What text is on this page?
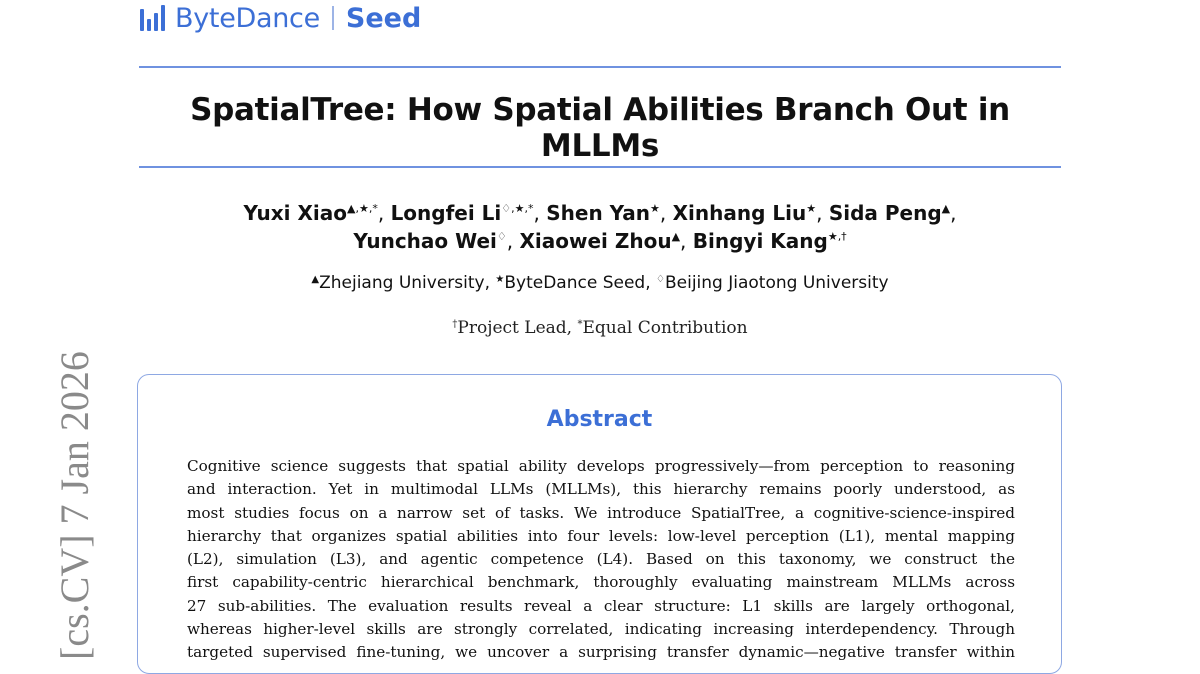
ByteDance Seed
SpatialTree: How Spatial Abilities Branch Out in MLLMs
Yuxi Xiao▲,★,*, Longfei Li♢,★,*, Shen Yan★, Xinhang Liu★, Sida Peng▲,
Yunchao Wei♢, Xiaowei Zhou▲, Bingyi Kang★,†
▲Zhejiang University, ★ByteDance Seed, ♢Beijing Jiaotong University
†Project Lead, *Equal Contribution
Abstract
Cognitive science suggests that spatial ability develops progressively—from perception to reasoning
and interaction. Yet in multimodal LLMs (MLLMs), this hierarchy remains poorly understood, as
most studies focus on a narrow set of tasks. We introduce SpatialTree, a cognitive-science-inspired
hierarchy that organizes spatial abilities into four levels: low-level perception (L1), mental mapping
(L2), simulation (L3), and agentic competence (L4). Based on this taxonomy, we construct the
first capability-centric hierarchical benchmark, thoroughly evaluating mainstream MLLMs across
27 sub-abilities. The evaluation results reveal a clear structure: L1 skills are largely orthogonal,
whereas higher-level skills are strongly correlated, indicating increasing interdependency. Through
targeted supervised fine-tuning, we uncover a surprising transfer dynamic—negative transfer within
[cs.CV] 7 Jan 2026
